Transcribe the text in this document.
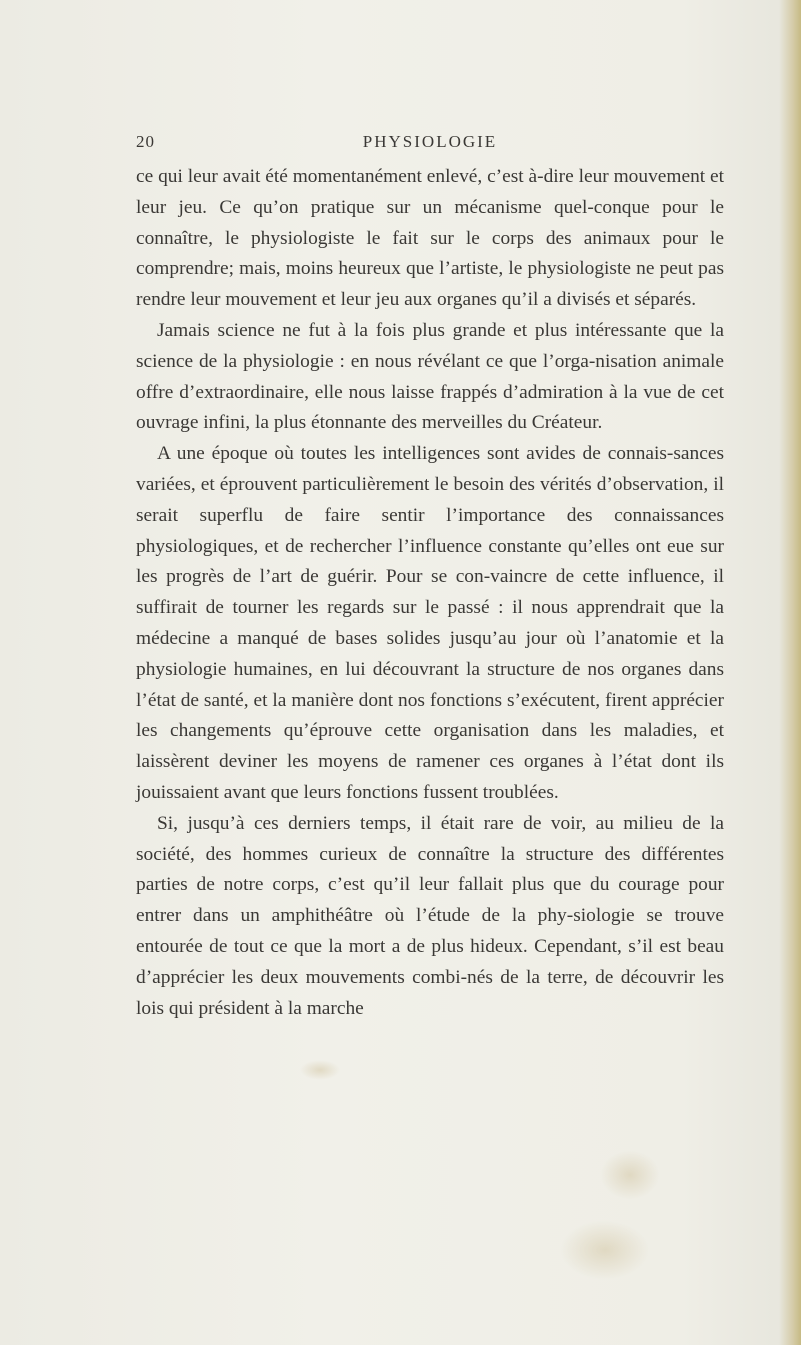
20	PHYSIOLOGIE

ce qui leur avait été momentanément enlevé, c’est à-dire leur mouvement et leur jeu. Ce qu’on pratique sur un mécanisme quel-conque pour le connaître, le physiologiste le fait sur le corps des animaux pour le comprendre; mais, moins heureux que l’artiste, le physiologiste ne peut pas rendre leur mouvement et leur jeu aux organes qu’il a divisés et séparés.

Jamais science ne fut à la fois plus grande et plus intéressante que la science de la physiologie : en nous révélant ce que l’orga-nisation animale offre d’extraordinaire, elle nous laisse frappés d’admiration à la vue de cet ouvrage infini, la plus étonnante des merveilles du Créateur.

A une époque où toutes les intelligences sont avides de connais-sances variées, et éprouvent particulièrement le besoin des vérités d’observation, il serait superflu de faire sentir l’importance des connaissances physiologiques, et de rechercher l’influence constante qu’elles ont eue sur les progrès de l’art de guérir. Pour se con-vaincre de cette influence, il suffirait de tourner les regards sur le passé : il nous apprendrait que la médecine a manqué de bases solides jusqu’au jour où l’anatomie et la physiologie humaines, en lui découvrant la structure de nos organes dans l’état de santé, et la manière dont nos fonctions s’exécutent, firent apprécier les changements qu’éprouve cette organisation dans les maladies, et laissèrent deviner les moyens de ramener ces organes à l’état dont ils jouissaient avant que leurs fonctions fussent troublées.

Si, jusqu’à ces derniers temps, il était rare de voir, au milieu de la société, des hommes curieux de connaître la structure des différentes parties de notre corps, c’est qu’il leur fallait plus que du courage pour entrer dans un amphithéâtre où l’étude de la phy-siologie se trouve entourée de tout ce que la mort a de plus hideux. Cependant, s’il est beau d’apprécier les deux mouvements combi-nés de la terre, de découvrir les lois qui président à la marche
